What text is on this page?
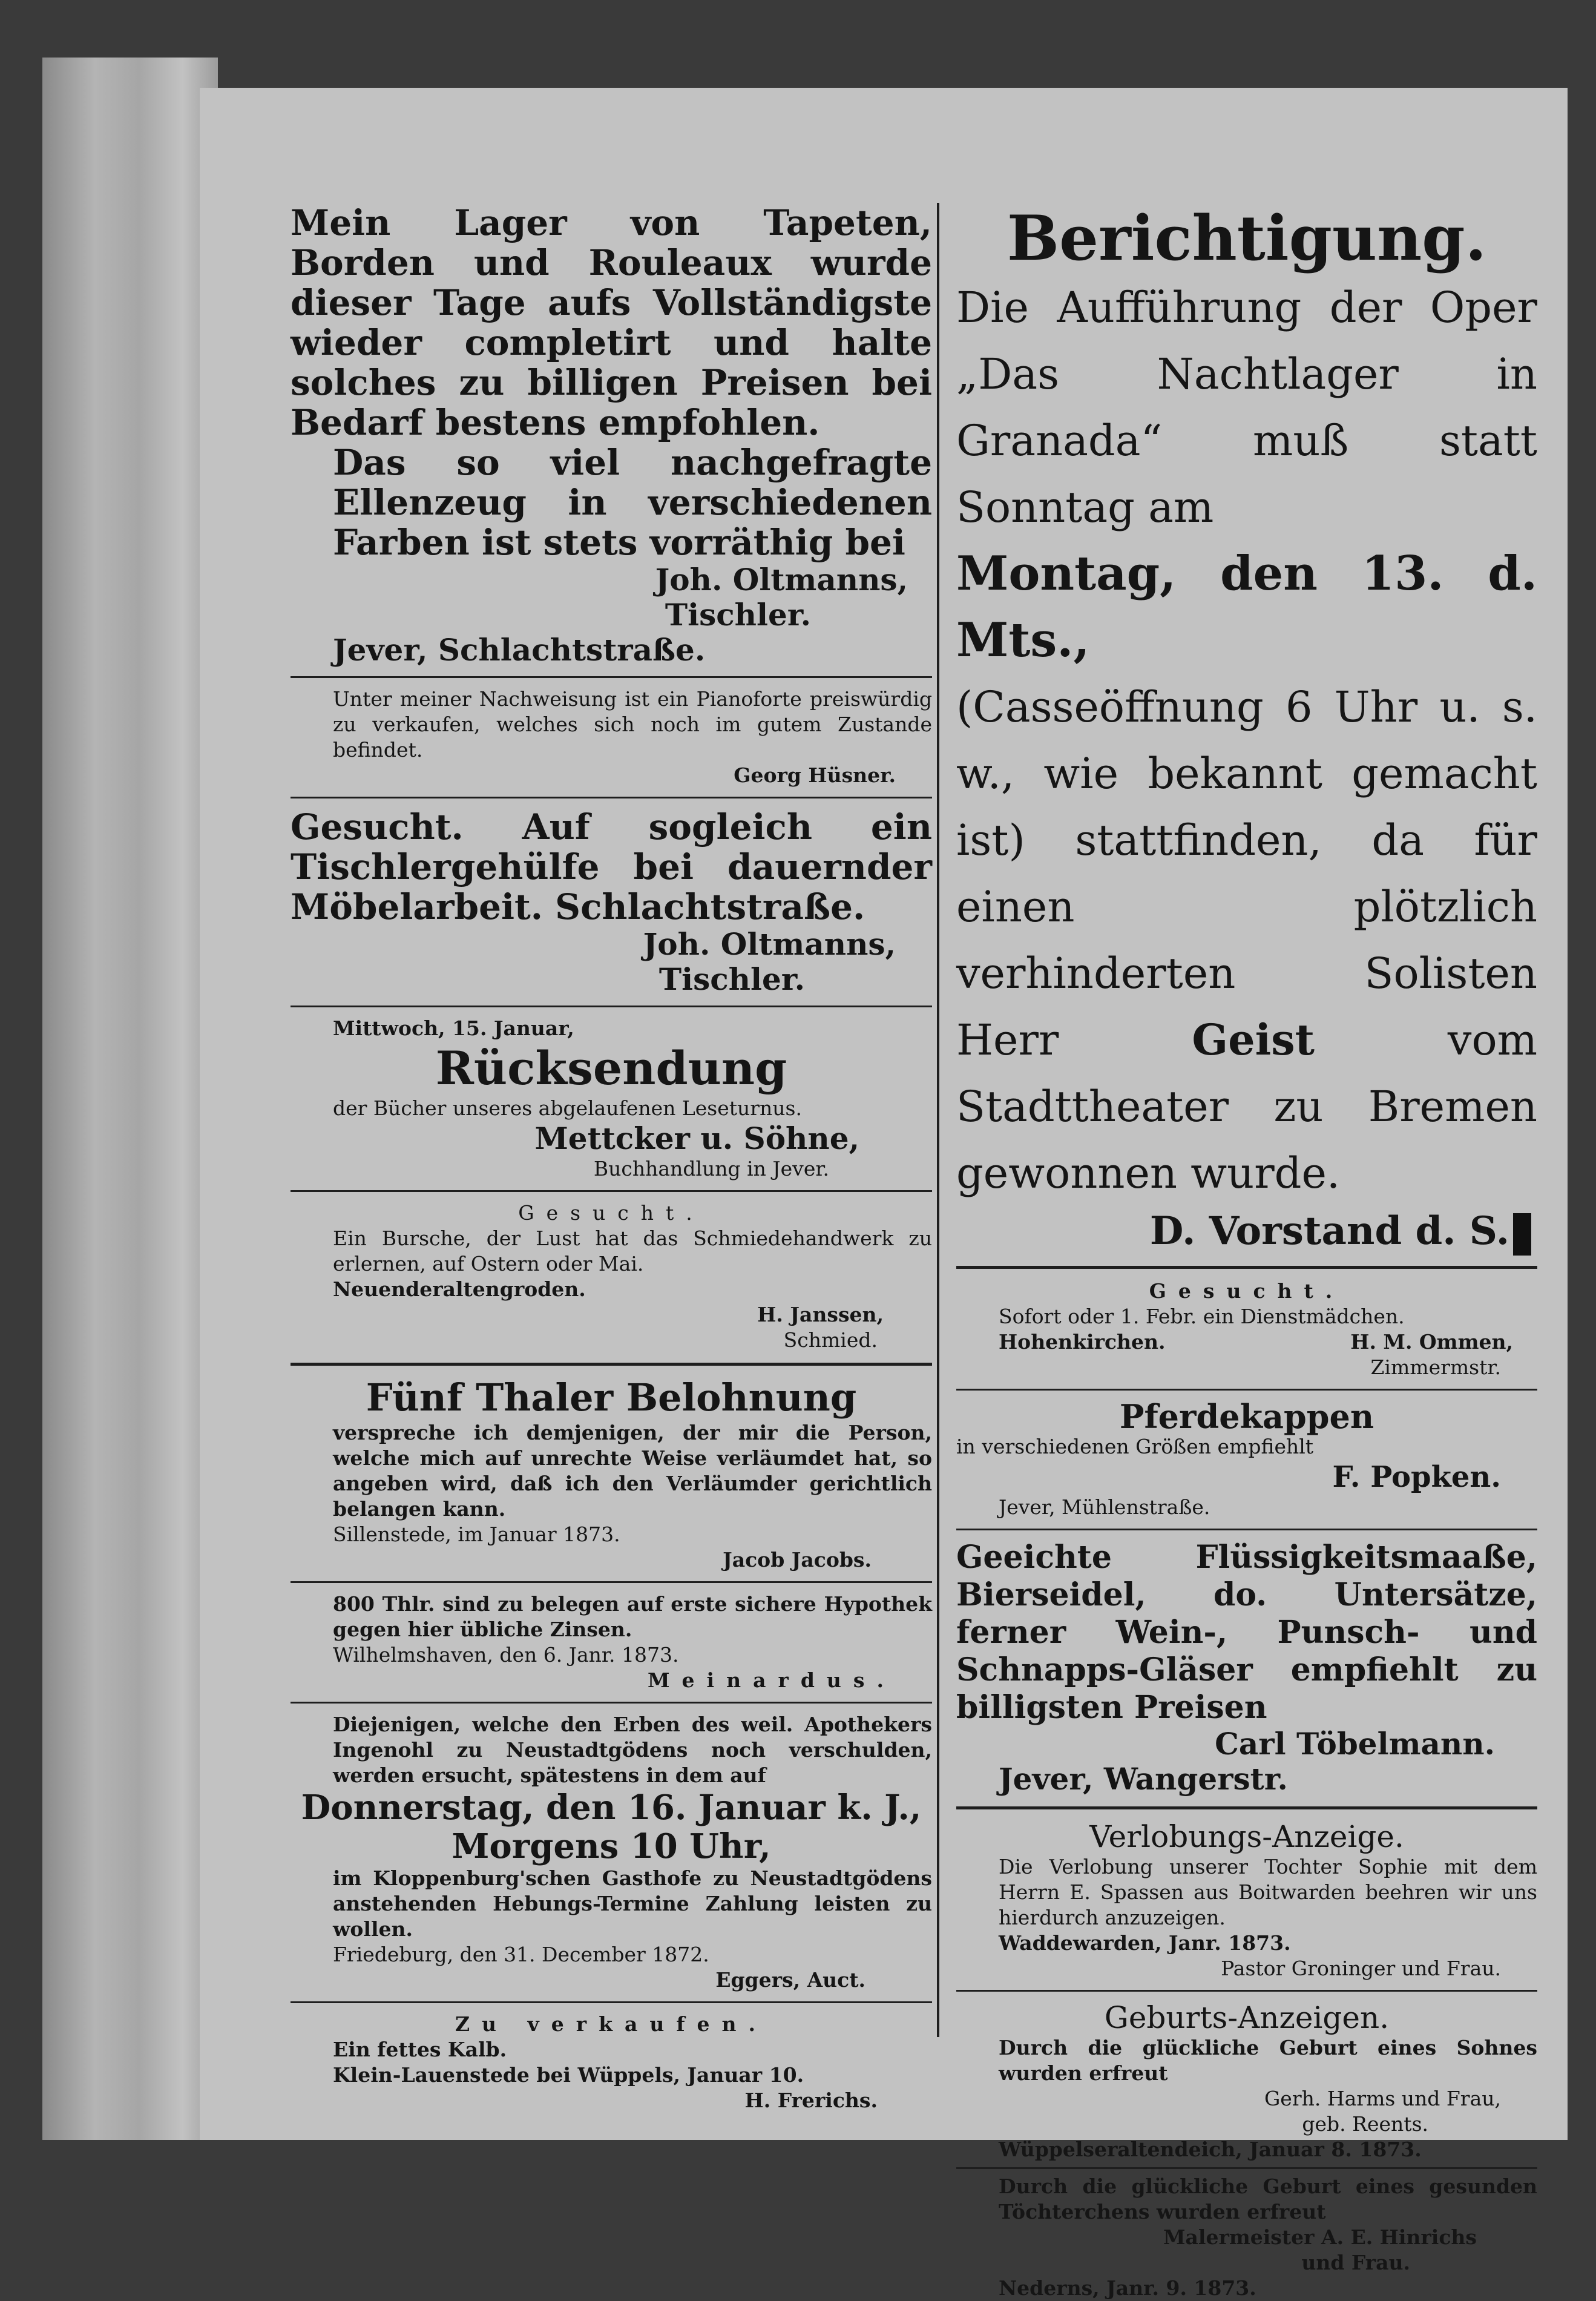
Mein Lager von Tapeten, Borden und Rouleaux wurde dieser Tage aufs Vollständigste wieder completirt und halte solches zu billigen Preisen bei Bedarf bestens empfohlen.
Das so viel nachgefragte Ellenzeug in verschiedenen Farben ist stets vorräthig bei
Joh. Oltmanns,
Tischler.
Jever, Schlachtstraße.
Unter meiner Nachweisung ist ein Pianoforte preiswürdig zu verkaufen, welches sich noch im gutem Zustande befindet.
Georg Hüsner.
Gesucht. Auf sogleich ein Tischlergehülfe bei dauernder Möbelarbeit. Schlachtstraße.
Joh. Oltmanns,
Tischler.
Mittwoch, 15. Januar,
Rücksendung
der Bücher unseres abgelaufenen Leseturnus.
Mettcker u. Söhne,
Buchhandlung in Jever.
Gesucht.
Ein Bursche, der Lust hat das Schmiedehandwerk zu erlernen, auf Ostern oder Mai.
Neuenderaltengroden.
H. Janssen,
Schmied.
Fünf Thaler Belohnung
verspreche ich demjenigen, der mir die Person, welche mich auf unrechte Weise verläumdet hat, so angeben wird, daß ich den Verläumder gerichtlich belangen kann.
Sillenstede, im Januar 1873.
Jacob Jacobs.
800 Thlr. sind zu belegen auf erste sichere Hypothek gegen hier übliche Zinsen.
Wilhelmshaven, den 6. Janr. 1873.
Meinardus.
Diejenigen, welche den Erben des weil. Apothekers Ingenohl zu Neustadtgödens noch verschulden, werden ersucht, spätestens in dem auf
Donnerstag, den 16. Januar k. J.,
Morgens 10 Uhr,
im Kloppenburg'schen Gasthofe zu Neustadtgödens anstehenden Hebungs-Termine Zahlung leisten zu wollen.
Friedeburg, den 31. December 1872.
Eggers, Auct.
Zu verkaufen.
Ein fettes Kalb.
Klein-Lauenstede bei Wüppels, Januar 10.
H. Frerichs.
Berichtigung.
Die Aufführung der Oper „Das Nachtlager in Granada“ muß statt Sonntag am
Montag, den 13. d. Mts.,
(Casseöffnung 6 Uhr u. s. w., wie bekannt gemacht ist) stattfinden, da für einen plötzlich verhinderten Solisten Herr	Geist	vom Stadttheater zu Bremen gewonnen wurde.
D. Vorstand d. S.
Gesucht.
Sofort oder 1. Febr. ein Dienstmädchen.
Hohenkirchen.	H. M. Ommen,
Zimmermstr.
Pferdekappen
in verschiedenen Größen empfiehlt
F. Popken.
Jever, Mühlenstraße.
Geeichte Flüssigkeitsmaaße, Bierseidel, do. Untersätze, ferner Wein-, Punsch- und Schnapps-Gläser empfiehlt zu billigsten Preisen
Carl Töbelmann.
Jever, Wangerstr.
Verlobungs-Anzeige.
Die Verlobung unserer Tochter Sophie mit dem Herrn E. Spassen aus Boitwarden beehren wir uns hierdurch anzuzeigen.
Waddewarden, Janr. 1873.
Pastor Groninger und Frau.
Geburts-Anzeigen.
Durch die glückliche Geburt eines Sohnes wurden erfreut
Gerh. Harms und Frau,
geb. Reents.
Wüppelseraltendeich, Januar 8. 1873.
Durch die glückliche Geburt eines gesunden Töchterchens wurden erfreut
Malermeister A. E. Hinrichs
und Frau.
Nederns, Janr. 9. 1873.
